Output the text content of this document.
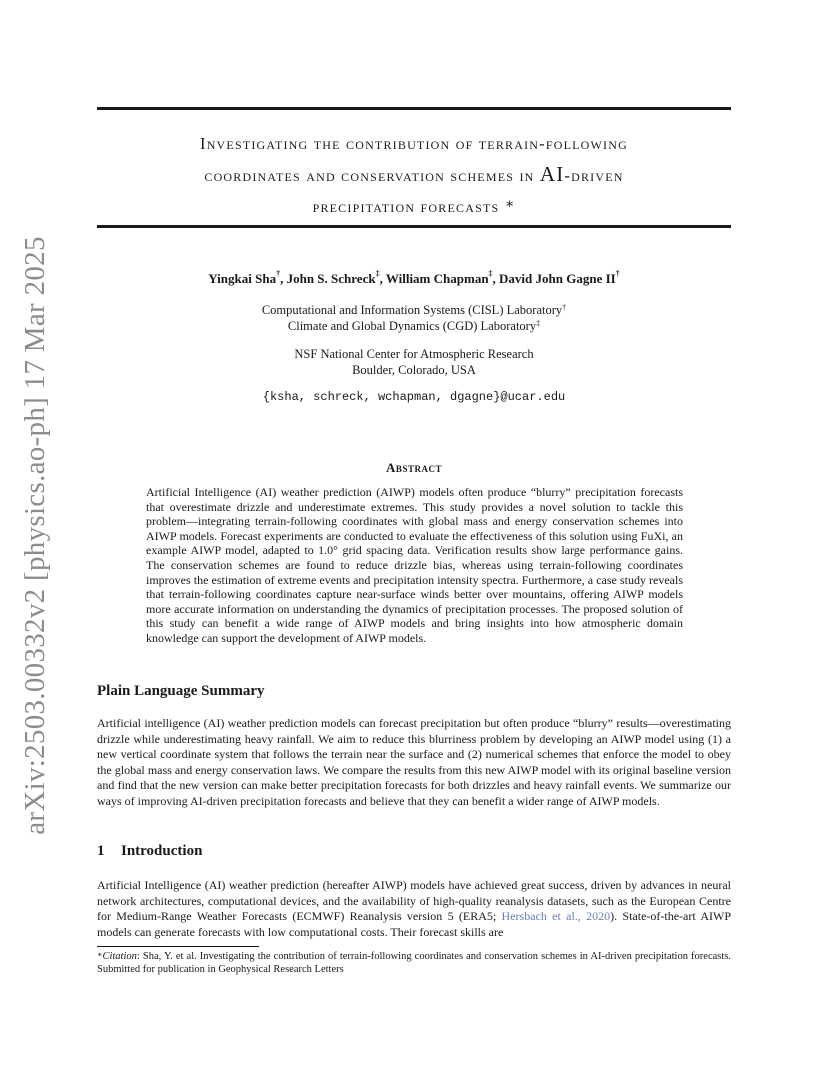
arXiv:2503.00332v2 [physics.ao-ph] 17 Mar 2025
Investigating the contribution of terrain-following
coordinates and conservation schemes in AI-driven
precipitation forecasts ∗
Yingkai Sha†, John S. Schreck‡, William Chapman‡, David John Gagne II†
Computational and Information Systems (CISL) Laboratory†
Climate and Global Dynamics (CGD) Laboratory‡
NSF National Center for Atmospheric Research
Boulder, Colorado, USA
{ksha, schreck, wchapman, dgagne}@ucar.edu
Abstract
Artificial Intelligence (AI) weather prediction (AIWP) models often produce “blurry” precipitation forecasts that overestimate drizzle and underestimate extremes. This study provides a novel solution to tackle this problem—integrating terrain-following coordinates with global mass and energy conservation schemes into AIWP models. Forecast experiments are conducted to evaluate the effectiveness of this solution using FuXi, an example AIWP model, adapted to 1.0° grid spacing data. Verification results show large performance gains. The conservation schemes are found to reduce drizzle bias, whereas using terrain-following coordinates improves the estimation of extreme events and precipitation intensity spectra. Furthermore, a case study reveals that terrain-following coordinates capture near-surface winds better over mountains, offering AIWP models more accurate information on understanding the dynamics of precipitation processes. The proposed solution of this study can benefit a wide range of AIWP models and bring insights into how atmospheric domain knowledge can support the development of AIWP models.
Plain Language Summary
Artificial intelligence (AI) weather prediction models can forecast precipitation but often produce “blurry” results––overestimating drizzle while underestimating heavy rainfall. We aim to reduce this blurriness problem by developing an AIWP model using (1) a new vertical coordinate system that follows the terrain near the surface and (2) numerical schemes that enforce the model to obey the global mass and energy conservation laws. We compare the results from this new AIWP model with its original baseline version and find that the new version can make better precipitation forecasts for both drizzles and heavy rainfall events. We summarize our ways of improving AI-driven precipitation forecasts and believe that they can benefit a wider range of AIWP models.
1 Introduction
Artificial Intelligence (AI) weather prediction (hereafter AIWP) models have achieved great success, driven by advances in neural network architectures, computational devices, and the availability of high-quality reanalysis datasets, such as the European Centre for Medium-Range Weather Forecasts (ECMWF) Reanalysis version 5 (ERA5; Hersbach et al., 2020). State-of-the-art AIWP models can generate forecasts with low computational costs. Their forecast skills are
∗Citation: Sha, Y. et al. Investigating the contribution of terrain-following coordinates and conservation schemes in AI-driven precipitation forecasts. Submitted for publication in Geophysical Research Letters
